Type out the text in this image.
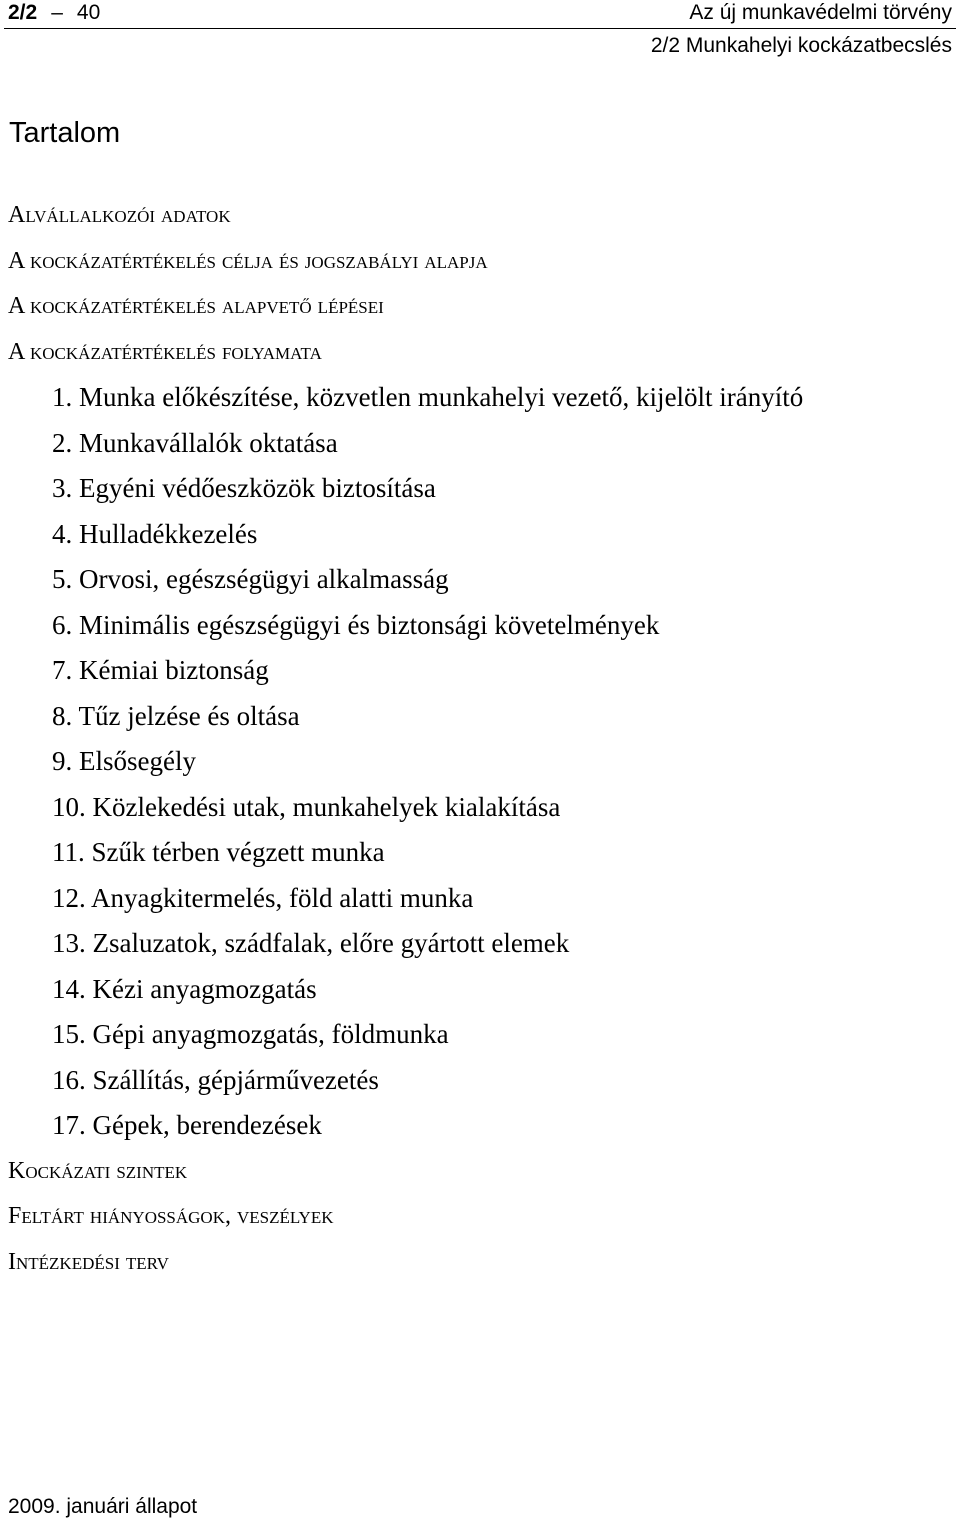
2/2 – 40	Az új munkavédelmi törvény
2/2 Munkahelyi kockázatbecslés
Tartalom
Alvállalkozói adatok
A kockázatértékelés célja és jogszabályi alapja
A kockázatértékelés alapvető lépései
A kockázatértékelés folyamata
1. Munka előkészítése, közvetlen munkahelyi vezető, kijelölt irányító
2. Munkavállalók oktatása
3. Egyéni védőeszközök biztosítása
4. Hulladékkezelés
5. Orvosi, egészségügyi alkalmasság
6. Minimális egészségügyi és biztonsági követelmények
7. Kémiai biztonság
8. Tűz jelzése és oltása
9. Elsősegély
10. Közlekedési utak, munkahelyek kialakítása
11. Szűk térben végzett munka
12. Anyagkitermelés, föld alatti munka
13. Zsaluzatok, szádfalak, előre gyártott elemek
14. Kézi anyagmozgatás
15. Gépi anyagmozgatás, földmunka
16. Szállítás, gépjárművezetés
17. Gépek, berendezések
Kockázati szintek
Feltárt hiányosságok, veszélyek
Intézkedési terv
2009. januári állapot
